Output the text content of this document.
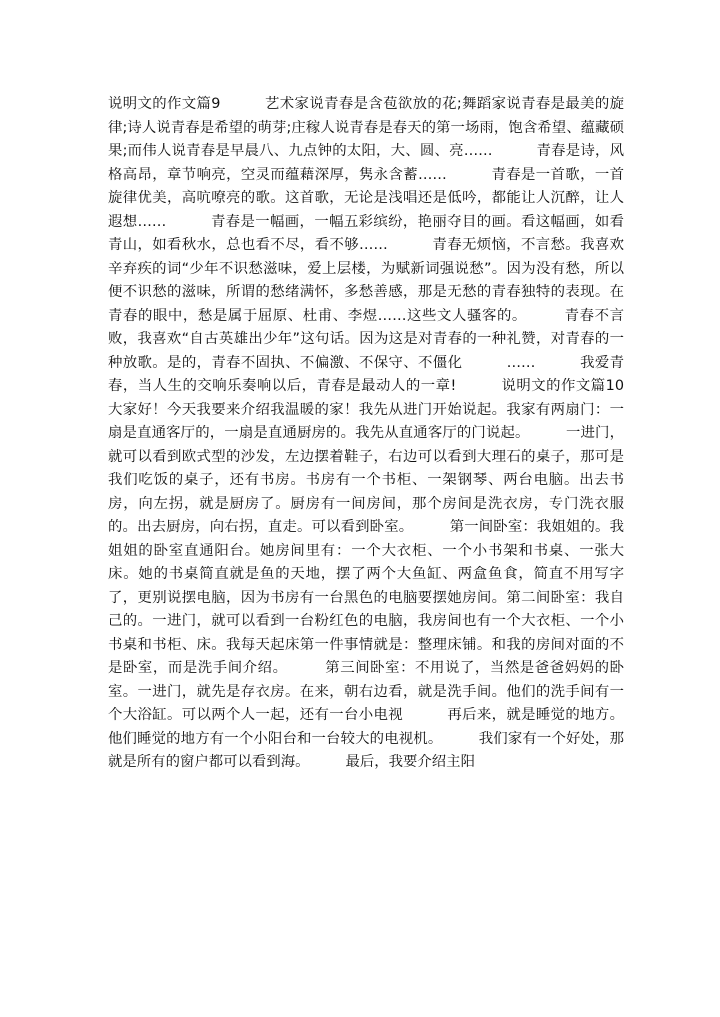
说明文的作文篇9　　　艺术家说青春是含苞欲放的花;舞蹈家说青春是最美的旋律;诗人说青春是希望的萌芽;庄稼人说青春是春天的第一场雨，饱含希望、蕴藏硕果;而伟人说青春是早晨八、九点钟的太阳，大、圆、亮……　　　青春是诗，风格高昂，章节响亮，空灵而蕴藉深厚，隽永含蓄……　　　青春是一首歌，一首旋律优美，高吭嘹亮的歌。这首歌，无论是浅唱还是低吟，都能让人沉醉，让人遐想……　　　青春是一幅画，一幅五彩缤纷，艳丽夺目的画。看这幅画，如看青山，如看秋水，总也看不尽，看不够……　　　青春无烦恼，不言愁。我喜欢辛弃疾的词“少年不识愁滋味，爱上层楼，为赋新词强说愁”。因为没有愁，所以便不识愁的滋味，所谓的愁绪满怀，多愁善感，那是无愁的青春独特的表现。在青春的眼中，愁是属于屈原、杜甫、李煜……这些文人骚客的。　　　青春不言败，我喜欢“自古英雄出少年”这句话。因为这是对青春的一种礼赞，对青春的一种放歌。是的，青春不固执、不偏激、不保守、不僵化　　　……　　　我爱青春，当人生的交响乐奏响以后，青春是最动人的一章!　　　说明文的作文篇10　　　大家好！今天我要来介绍我温暖的家！我先从进门开始说起。我家有两扇门：一扇是直通客厅的，一扇是直通厨房的。我先从直通客厅的门说起。　　　一进门，就可以看到欧式型的沙发，左边摆着鞋子，右边可以看到大理石的桌子，那可是我们吃饭的桌子，还有书房。书房有一个书柜、一架钢琴、两台电脑。出去书房，向左拐，就是厨房了。厨房有一间房间，那个房间是洗衣房，专门洗衣服的。出去厨房，向右拐，直走。可以看到卧室。　　　第一间卧室：我姐姐的。我姐姐的卧室直通阳台。她房间里有：一个大衣柜、一个小书架和书桌、一张大床。她的书桌简直就是鱼的天地，摆了两个大鱼缸、两盒鱼食，简直不用写字了，更别说摆电脑，因为书房有一台黑色的电脑要摆她房间。第二间卧室：我自己的。一进门，就可以看到一台粉红色的电脑，我房间也有一个大衣柜、一个小书桌和书柜、床。我每天起床第一件事情就是：整理床铺。和我的房间对面的不是卧室，而是洗手间介绍。　　　第三间卧室：不用说了，当然是爸爸妈妈的卧室。一进门，就先是存衣房。在来，朝右边看，就是洗手间。他们的洗手间有一个大浴缸。可以两个人一起，还有一台小电视　　　再后来，就是睡觉的地方。他们睡觉的地方有一个小阳台和一台较大的电视机。　　　我们家有一个好处，那就是所有的窗户都可以看到海。　　　最后，我要介绍主阳
